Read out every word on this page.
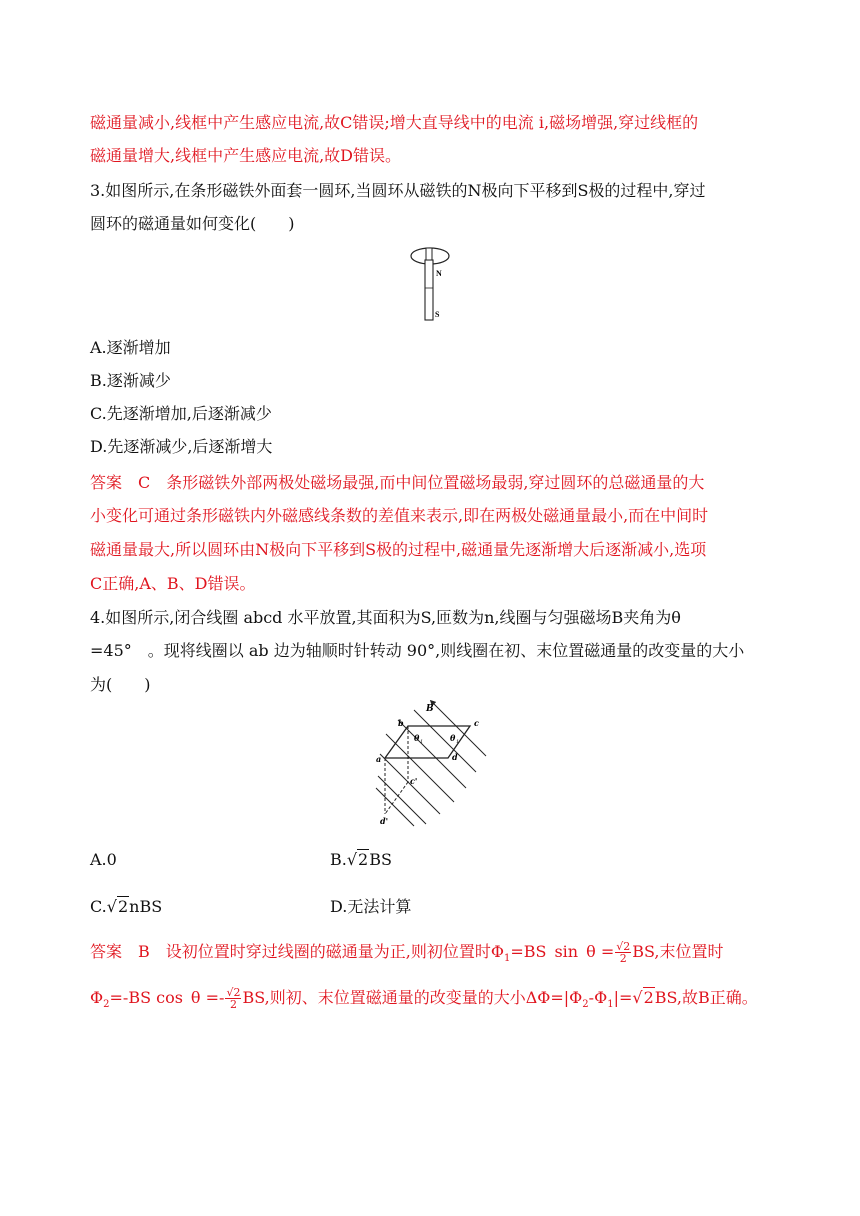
磁通量减小,线框中产生感应电流,故C错误;增大直导线中的电流 i,磁场增强,穿过线框的
磁通量增大,线框中产生感应电流,故D错误。
3.如图所示,在条形磁铁外面套一圆环,当圆环从磁铁的N极向下平移到S极的过程中,穿过
圆环的磁通量如何变化(　　)
N
S
A.逐渐增加
B.逐渐减少
C.先逐渐增加,后逐渐减少
D.先逐渐减少,后逐渐增大
答案　C　条形磁铁外部两极处磁场最强,而中间位置磁场最弱,穿过圆环的总磁通量的大
小变化可通过条形磁铁内外磁感线条数的差值来表示,即在两极处磁通量最小,而在中间时
磁通量最大,所以圆环由N极向下平移到S极的过程中,磁通量先逐渐增大后逐渐减小,选项
C正确,A、B、D错误。
4.如图所示,闭合线圈 abcd 水平放置,其面积为S,匝数为n,线圈与匀强磁场B夹角为θ
=45°　。现将线圈以 ab 边为轴顺时针转动 90°,则线圈在初、末位置磁通量的改变量的大小
为(　　)
B
b	c
a	d
c'
d'
θ 1	θ 1
A.0	B.√2BS
C.√2nBS	D.无法计算
答案　B　设初位置时穿过线圈的磁通量为正,则初位置时$\Phi_1=BS$ sin $\theta = \frac{√2}{2}$ BS,末位置时
$\Phi_2=-BS$ cos $\theta =- \frac{√2}{2}$ BS,则初、末位置磁通量的改变量的大小$\Delta\Phi=|\Phi_2-\Phi_1|=√2BS$,故B正确。
